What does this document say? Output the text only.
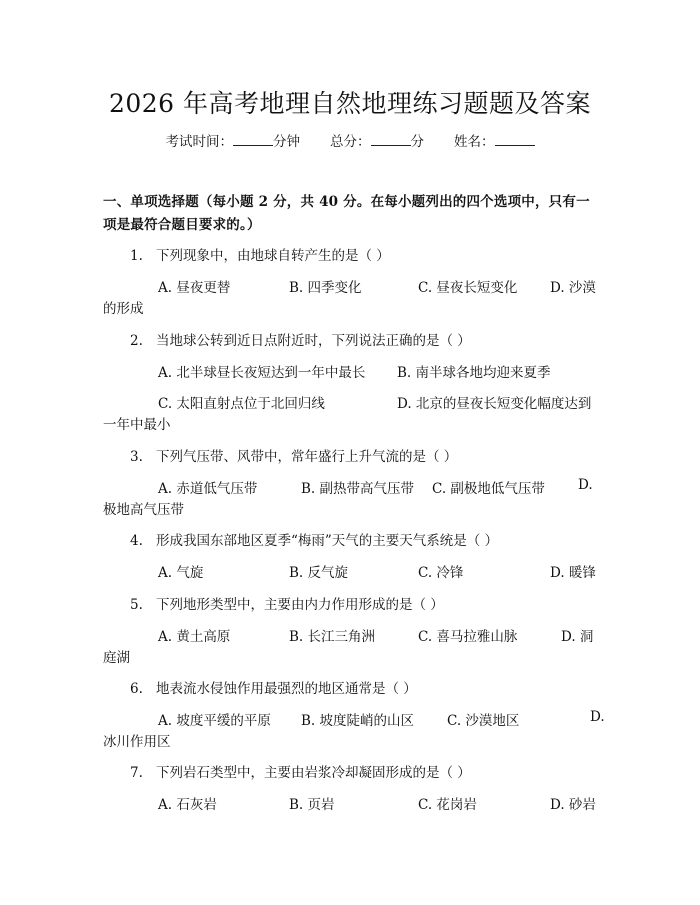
2026 年高考地理自然地理练习题题及答案
考试时间：	分钟 总分：	分 姓名：
一、单项选择题（每小题 2 分，共 40 分。在每小题列出的四个选项中，只有一项是最符合题目要求的。）
1. 下列现象中，由地球自转产生的是（ ）
A. 昼夜更替	B. 四季变化	C. 昼夜长短变化 D. 沙漠
的形成
2. 当地球公转到近日点附近时，下列说法正确的是（ ）
A. 北半球昼长夜短达到一年中最长 B. 南半球各地均迎来夏季
C. 太阳直射点位于北回归线	D. 北京的昼夜长短变化幅度达到
一年中最小
3. 下列气压带、风带中，常年盛行上升气流的是（ ）
A. 赤道低气压带	B. 副热带高气压带 C. 副极地低气压带 D.
极地高气压带
4. 形成我国东部地区夏季“梅雨”天气的主要天气系统是（ ）
A. 气旋	B. 反气旋	C. 冷锋	D. 暖锋
5. 下列地形类型中，主要由内力作用形成的是（ ）
A. 黄土高原	B. 长江三角洲	C. 喜马拉雅山脉	D. 洞
庭湖
6. 地表流水侵蚀作用最强烈的地区通常是（ ）
A. 坡度平缓的平原 B. 坡度陡峭的山区 C. 沙漠地区	D.
冰川作用区
7. 下列岩石类型中，主要由岩浆冷却凝固形成的是（ ）
A. 石灰岩	B. 页岩	C. 花岗岩	D. 砂岩
